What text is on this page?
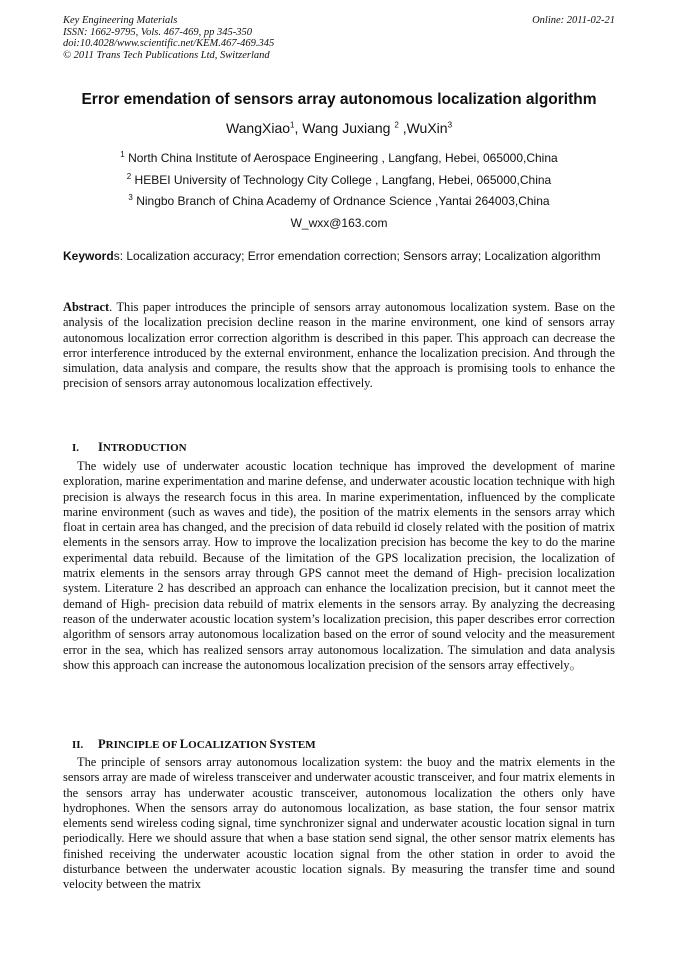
Key Engineering Materials
ISSN: 1662-9795, Vols. 467-469, pp 345-350
doi:10.4028/www.scientific.net/KEM.467-469.345
© 2011 Trans Tech Publications Ltd, Switzerland
Online: 2011-02-21
Error emendation of sensors array autonomous localization algorithm
WangXiao$^1$, Wang Juxiang $^2$ ,WuXin$^3$
$^1$ North China Institute of Aerospace Engineering , Langfang, Hebei, 065000,China
$^2$ HEBEI University of Technology City College , Langfang, Hebei, 065000,China
$^3$ Ningbo Branch of China Academy of Ordnance Science ,Yantai 264003,China
W_wxx@163.com
Keywords: Localization accuracy; Error emendation correction; Sensors array; Localization algorithm
Abstract. This paper introduces the principle of sensors array autonomous localization system. Base on the analysis of the localization precision decline reason in the marine environment, one kind of sensors array autonomous localization error correction algorithm is described in this paper. This approach can decrease the error interference introduced by the external environment, enhance the localization precision. And through the simulation, data analysis and compare, the results show that the approach is promising tools to enhance the precision of sensors array autonomous localization effectively.
I. INTRODUCTION
The widely use of underwater acoustic location technique has improved the development of marine exploration, marine experimentation and marine defense, and underwater acoustic location technique with high precision is always the research focus in this area. In marine experimentation, influenced by the complicate marine environment (such as waves and tide), the position of the matrix elements in the sensors array which float in certain area has changed, and the precision of data rebuild id closely related with the position of matrix elements in the sensors array. How to improve the localization precision has become the key to do the marine experimental data rebuild. Because of the limitation of the GPS localization precision, the localization of matrix elements in the sensors array through GPS cannot meet the demand of High- precision localization system. Literature 2 has described an approach can enhance the localization precision, but it cannot meet the demand of High- precision data rebuild of matrix elements in the sensors array. By analyzing the decreasing reason of the underwater acoustic location system’s localization precision, this paper describes error correction algorithm of sensors array autonomous localization based on the error of sound velocity and the measurement error in the sea, which has realized sensors array autonomous localization. The simulation and data analysis show this approach can increase the autonomous localization precision of the sensors array effectively。
II. PRINCIPLE OF LOCALIZATION SYSTEM
The principle of sensors array autonomous localization system: the buoy and the matrix elements in the sensors array are made of wireless transceiver and underwater acoustic transceiver, and four matrix elements in the sensors array has underwater acoustic transceiver, autonomous localization the others only have hydrophones. When the sensors array do autonomous localization, as base station, the four sensor matrix elements send wireless coding signal, time synchronizer signal and underwater acoustic location signal in turn periodically. Here we should assure that when a base station send signal, the other sensor matrix elements has finished receiving the underwater acoustic location signal from the other station in order to avoid the disturbance between the underwater acoustic location signals. By measuring the transfer time and sound velocity between the matrix
